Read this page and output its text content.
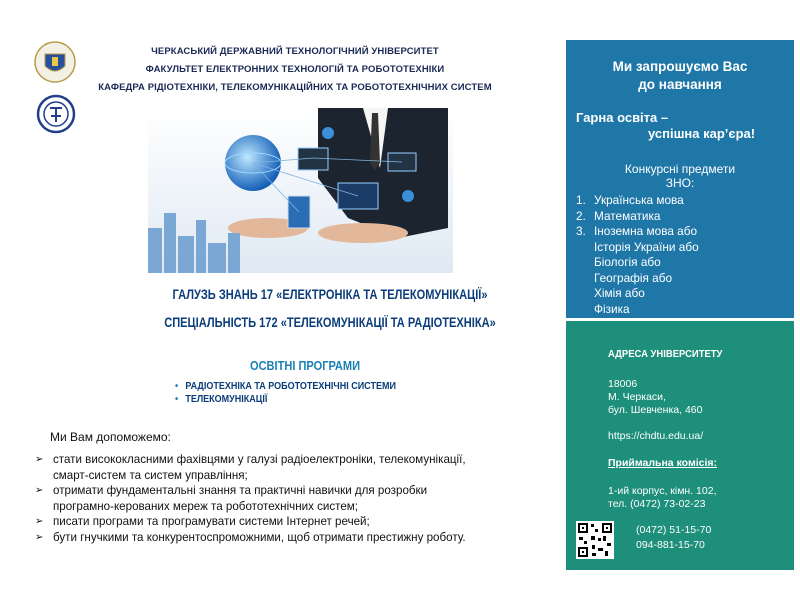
ЧЕРКАСЬКИЙ ДЕРЖАВНИЙ ТЕХНОЛОГІЧНИЙ УНІВЕРСИТЕТ
ФАКУЛЬТЕТ ЕЛЕКТРОННИХ ТЕХНОЛОГІЙ ТА РОБОТОТЕХНІКИ
КАФЕДРА РІДІОТЕХНІКИ, ТЕЛЕКОМУНІКАЦІЙНИХ ТА РОБОТОТЕХНІЧНИХ СИСТЕМ
ГАЛУЗЬ ЗНАНЬ 17 «ЕЛЕКТРОНІКА ТА ТЕЛЕКОМУНІКАЦІЇ»
СПЕЦІАЛЬНІСТЬ 172 «ТЕЛЕКОМУНІКАЦІЇ ТА РАДІОТЕХНІКА»
ОСВІТНІ ПРОГРАМИ
• РАДІОТЕХНІКА ТА РОБОТОТЕХНІЧНІ СИСТЕМИ
• ТЕЛЕКОМУНІКАЦІЇ
Ми Вам допоможемо:
➢ стати висококласними фахівцями у галузі радіоелектроніки, телекомунікації,
смарт-систем та систем управління;
➢ отримати фундаментальні знання та практичні навички для розробки
програмно-керованих мереж та робототехнічних систем;
➢ писати програми та програмувати системи Інтернет речей;
➢ бути гнучкими та конкурентоспроможними, щоб отримати престижну роботу.
Ми запрошуємо Вас
до навчання
Гарна освіта –
успішна кар’єра!
Конкурсні предмети
ЗНО:
1. Українська мова
2. Математика
3. Іноземна мова або
Історія України або
Біологія або
Географія або
Хімія або
Фізика
АДРЕСА УНІВЕРСИТЕТУ
18006
М. Черкаси,
бул. Шевченка, 460
https://chdtu.edu.ua/
Приймальна комісія:
1-ий корпус, кімн. 102,
тел. (0472) 73-02-23
(0472) 51-15-70
094-881-15-70
